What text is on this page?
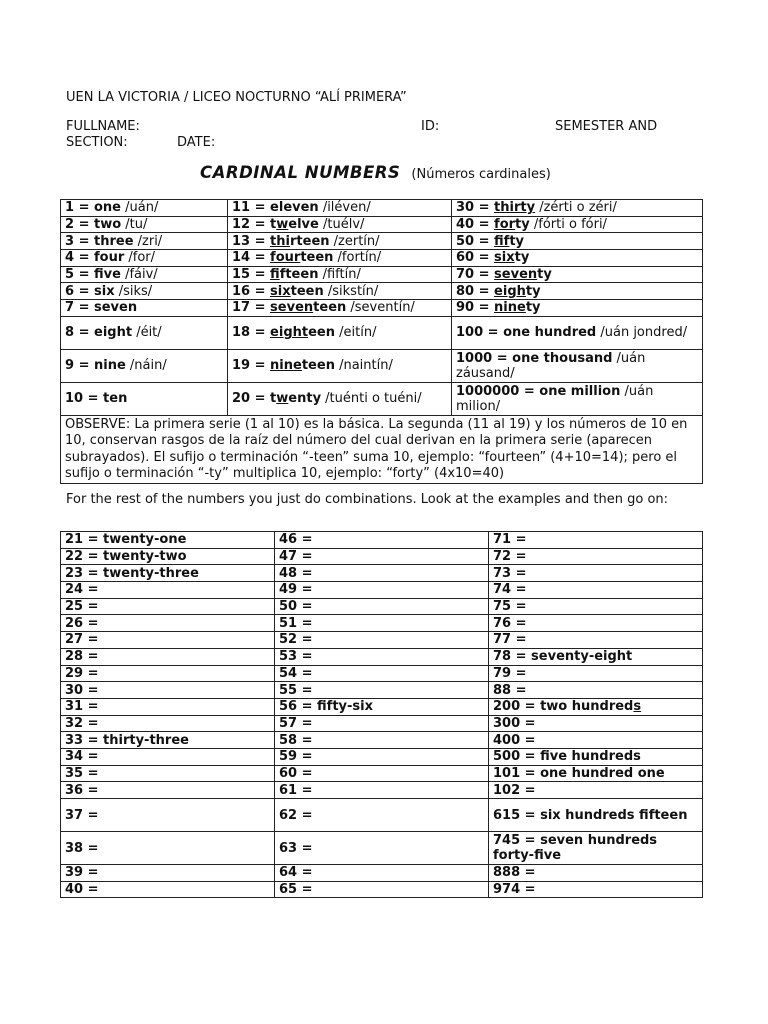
UEN LA VICTORIA / LICEO NOCTURNO “ALÍ PRIMERA”
FULLNAME:	ID:	SEMESTER AND
SECTION:	DATE:
CARDINAL NUMBERS (Números cardinales)
1 = one /uán/	11 = eleven /iléven/	30 = thirty /zérti o zéri/
2 = two /tu/	12 = twelve /tuélv/	40 = forty /fórti o fóri/
3 = three /zri/	13 = thirteen /zertín/	50 = fifty
4 = four /for/	14 = fourteen /fortín/	60 = sixty
5 = five /fáiv/	15 = fifteen /fiftín/	70 = seventy
6 = six /siks/	16 = sixteen /sikstín/	80 = eighty
7 = seven	17 = seventeen /seventín/	90 = ninety
8 = eight /éit/	18 = eighteen /eitín/	100 = one hundred /uán jondred/
9 = nine /náin/	19 = nineteen /naintín/	1000 = one thousand /uán záusand/
10 = ten	20 = twenty /tuénti o tuéni/	1000000 = one million /uán milion/
OBSERVE: La primera serie (1 al 10) es la básica. La segunda (11 al 19) y los números de 10 en 10, conservan rasgos de la raíz del número del cual derivan en la primera serie (aparecen subrayados). El sufijo o terminación “-teen” suma 10, ejemplo: “fourteen” (4+10=14); pero el sufijo o terminación “-ty” multiplica 10, ejemplo: “forty” (4x10=40)		
For the rest of the numbers you just do combinations. Look at the examples and then go on:
21 = twenty-one	46 =	71 =
22 = twenty-two	47 =	72 =
23 = twenty-three	48 =	73 =
24 =	49 =	74 =
25 =	50 =	75 =
26 =	51 =	76 =
27 =	52 =	77 =
28 =	53 =	78 = seventy-eight
29 =	54 =	79 =
30 =	55 =	88 =
31 =	56 = fifty-six	200 = two hundreds
32 =	57 =	300 =
33 = thirty-three	58 =	400 =
34 =	59 =	500 = five hundreds
35 =	60 =	101 = one hundred one
36 =	61 =	102 =
37 =	62 =	615 = six hundreds fifteen
38 =	63 =	745 = seven hundreds forty-five
39 =	64 =	888 =
40 =	65 =	974 =
